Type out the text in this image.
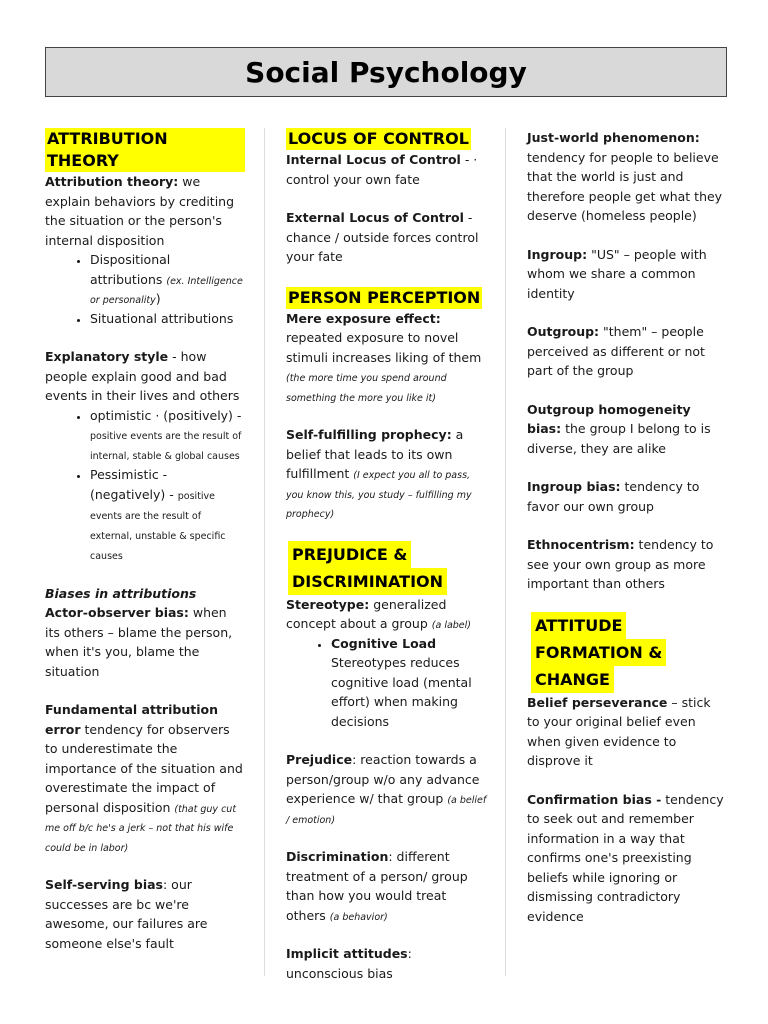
Social Psychology
ATTRIBUTION THEORY

Attribution theory: we explain behaviors by crediting the situation or the person's internal disposition

• Dispositional attributions (ex. Intelligence or personality)
• Situational attributions

Explanatory style - how people explain good and bad events in their lives and others

• optimistic · (positively) - positive events are the result of internal, stable & global causes
• Pessimistic - (negatively) - positive events are the result of external, unstable & specific causes

Biases in attributions

Actor-observer bias: when its others – blame the person, when it's you, blame the situation

Fundamental attribution error tendency for observers to underestimate the importance of the situation and overestimate the impact of personal disposition (that guy cut me off b/c he's a jerk – not that his wife could be in labor)

Self-serving bias: our successes are bc we're awesome, our failures are someone else's fault

LOCUS OF CONTROL

Internal Locus of Control - · control your own fate

External Locus of Control - chance / outside forces control your fate

PERSON PERCEPTION

Mere exposure effect: repeated exposure to novel stimuli increases liking of them (the more time you spend around something the more you like it)

Self-fulfilling prophecy: a belief that leads to its own fulfillment (I expect you all to pass, you know this, you study – fulfilling my prophecy)

PREJUDICE &
DISCRIMINATION

Stereotype: generalized concept about a group (a label)

• Cognitive Load
Stereotypes reduces cognitive load (mental effort) when making decisions

Prejudice: reaction towards a person/group w/o any advance experience w/ that group (a belief / emotion)

Discrimination: different treatment of a person/ group than how you would treat others (a behavior)

Implicit attitudes: unconscious bias

Just-world phenomenon:
tendency for people to believe that the world is just and therefore people get what they deserve (homeless people)

Ingroup: "US" – people with whom we share a common identity

Outgroup: "them" – people perceived as different or not part of the group

Outgroup homogeneity bias: the group I belong to is diverse, they are alike

Ingroup bias: tendency to favor our own group

Ethnocentrism: tendency to see your own group as more important than others

ATTITUDE
FORMATION &
CHANGE

Belief perseverance – stick to your original belief even when given evidence to disprove it

Confirmation bias - tendency to seek out and remember information in a way that confirms one's preexisting beliefs while ignoring or dismissing contradictory evidence
